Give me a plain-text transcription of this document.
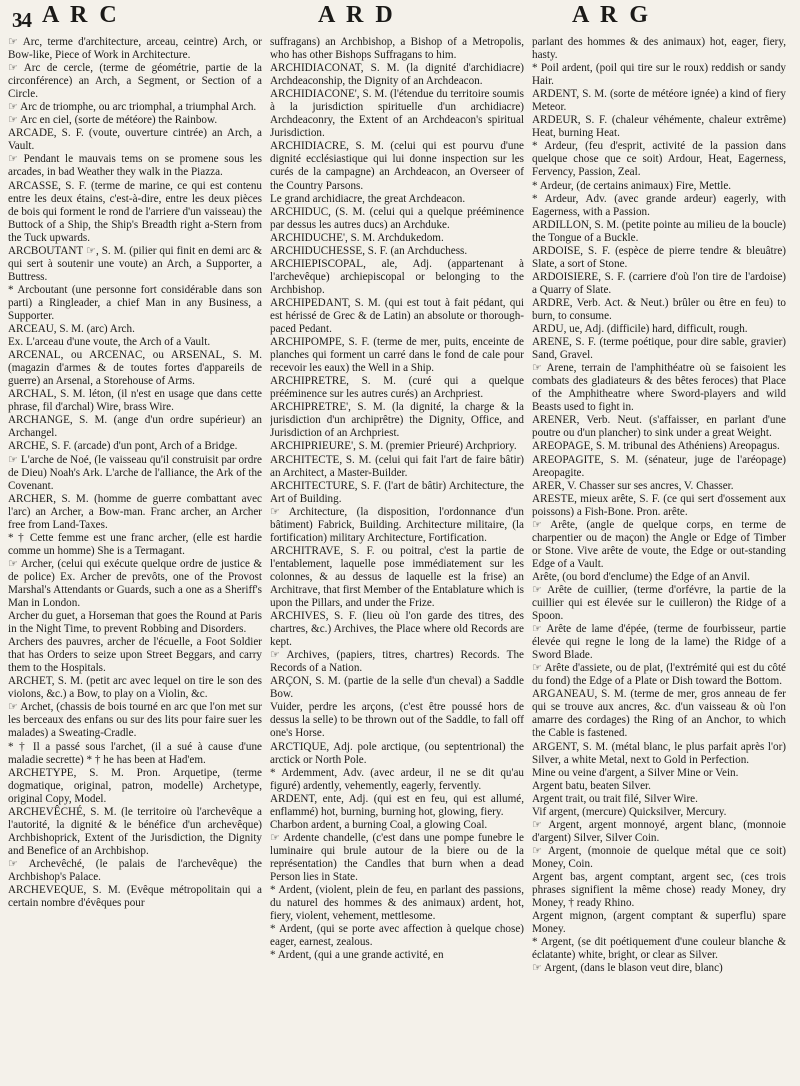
34 A R C	A R D	A R G

☞ Arc, terme d'architecture, arceau, ceintre) Arch, or Bow-like, Piece of Work in Architecture.

☞ Arc de cercle, (terme de géométrie, partie de la circonférence) an Arch, a Segment, or Section of a Circle.

☞ Arc de triomphe, ou arc triomphal, a triumphal Arch.

☞ Arc en ciel, (sorte de météore) the Rainbow.

ARCADE, S. F. (voute, ouverture cintrée) an Arch, a Vault.

☞ Pendant le mauvais tems on se promene sous les arcades, in bad Weather they walk in the Piazza.

ARCASSE, S. F. (terme de marine, ce qui est contenu entre les deux étains, c'est-à-dire, entre les deux pièces de bois qui forment le rond de l'arriere d'un vaisseau) the Buttock of a Ship, the Ship's Breadth right a-Stern from the Tuck upwards.

ARCBOUTANT ☞, S. M. (pilier qui finit en demi arc & qui sert à soutenir une voute) an Arch, a Supporter, a Buttress.

* Arcboutant (une personne fort considérable dans son parti) a Ringleader, a chief Man in any Business, a Supporter.

ARCEAU, S. M. (arc) Arch.

Ex. L'arceau d'une voute, the Arch of a Vault.

ARCENAL, ou ARCENAC, ou ARSENAL, S. M. (magazin d'armes & de toutes fortes d'appareils de guerre) an Arsenal, a Storehouse of Arms.

ARCHAL, S. M. léton, (il n'est en usage que dans cette phrase, fil d'archal) Wire, brass Wire.

ARCHANGE, S. M. (ange d'un ordre supérieur) an Archangel.

ARCHE, S. F. (arcade) d'un pont, Arch of a Bridge.

☞ L'arche de Noé, (le vaisseau qu'il construisit par ordre de Dieu) Noah's Ark. L'arche de l'alliance, the Ark of the Covenant.

ARCHER, S. M. (homme de guerre combattant avec l'arc) an Archer, a Bow-man. Franc archer, an Archer free from Land-Taxes.

* † Cette femme est une franc archer, (elle est hardie comme un homme) She is a Termagant.

☞ Archer, (celui qui exécute quelque ordre de justice & de police) Ex. Archer de prevôts, one of the Provost Marshal's Attendants or Guards, such a one as a Sheriff's Man in London.

Archer du guet, a Horseman that goes the Round at Paris in the Night Time, to prevent Robbing and Disorders.

Archers des pauvres, archer de l'écuelle, a Foot Soldier that has Orders to seize upon Street Beggars, and carry them to the Hospitals.

ARCHET, S. M. (petit arc avec lequel on tire le son des violons, &c.) a Bow, to play on a Violin, &c.

☞ Archet, (chassis de bois tourné en arc que l'on met sur les berceaux des enfans ou sur des lits pour faire suer les malades) a Sweating-Cradle.

* † Il a passé sous l'archet, (il a sué à cause d'une maladie secrette) * † he has been at Had'em.

ARCHETYPE, S. M. Pron. Arquetipe, (terme dogmatique, original, patron, modelle) Archetype, original Copy, Model.

ARCHEVÊCHÉ, S. M. (le territoire où l'archevêque a l'autorité, la dignité & le bénéfice d'un archevêque) Archbishoprick, Extent of the Jurisdiction, the Dignity and Benefice of an Archbishop.

☞ Archevêché, (le palais de l'archevêque) the Archbishop's Palace.

ARCHEVEQUE, S. M. (Evêque métropolitain qui a certain nombre d'évêques pour

suffragans) an Archbishop, a Bishop of a Metropolis, who has other Bishops Suffragans to him.

ARCHIDIACONAT, S. M. (la dignité d'archidiacre) Archdeaconship, the Dignity of an Archdeacon.

ARCHIDIACONE', S. M. (l'étendue du territoire soumis à la jurisdiction spirituelle d'un archidiacre) Archdeaconry, the Extent of an Archdeacon's spiritual Jurisdiction.

ARCHIDIACRE, S. M. (celui qui est pourvu d'une dignité ecclésiastique qui lui donne inspection sur les curés de la campagne) an Archdeacon, an Overseer of the Country Parsons.

Le grand archidiacre, the great Archdeacon.

ARCHIDUC, (S. M. (celui qui a quelque prééminence par dessus les autres ducs) an Archduke.

ARCHIDUCHE', S. M. Archdukedom.

ARCHIDUCHESSE, S. F. (an Archduchess.

ARCHIEPISCOPAL, ale, Adj. (appartenant à l'archevêque) archiepiscopal or belonging to the Archbishop.

ARCHIPEDANT, S. M. (qui est tout à fait pédant, qui est hérissé de Grec & de Latin) an absolute or thorough-paced Pedant.

ARCHIPOMPE, S. F. (terme de mer, puits, enceinte de planches qui forment un carré dans le fond de cale pour recevoir les eaux) the Well in a Ship.

ARCHIPRETRE, S. M. (curé qui a quelque prééminence sur les autres curés) an Archpriest.

ARCHIPRETRE', S. M. (la dignité, la charge & la jurisdiction d'un archiprêtre) the Dignity, Office, and Jurisdiction of an Archpriest.

ARCHIPRIEURE', S. M. (premier Prieuré) Archpriory.

ARCHITECTE, S. M. (celui qui fait l'art de faire bâtir) an Architect, a Master-Builder.

ARCHITECTURE, S. F. (l'art de bâtir) Architecture, the Art of Building.

☞ Architecture, (la disposition, l'ordonnance d'un bâtiment) Fabrick, Building. Architecture militaire, (la fortification) military Architecture, Fortification.

ARCHITRAVE, S. F. ou poitral, c'est la partie de l'entablement, laquelle pose immédiatement sur les colonnes, & au dessus de laquelle est la frise) an Architrave, that first Member of the Entablature which is upon the Pillars, and under the Frize.

ARCHIVES, S. F. (lieu où l'on garde des titres, des chartres, &c.) Archives, the Place where old Records are kept.

☞ Archives, (papiers, titres, chartres) Records. The Records of a Nation.

ARÇON, S. M. (partie de la selle d'un cheval) a Saddle Bow.

Vuider, perdre les arçons, (c'est être poussé hors de dessus la selle) to be thrown out of the Saddle, to fall off one's Horse.

ARCTIQUE, Adj. pole arctique, (ou septentrional) the arctick or North Pole.

* Ardemment, Adv. (avec ardeur, il ne se dit qu'au figuré) ardently, vehemently, eagerly, fervently.

ARDENT, ente, Adj. (qui est en feu, qui est allumé, enflammé) hot, burning, burning hot, glowing, fiery.

Charbon ardent, a burning Coal, a glowing Coal.

☞ Ardente chandelle, (c'est dans une pompe funebre le luminaire qui brule autour de la biere ou de la représentation) the Candles that burn when a dead Person lies in State.

* Ardent, (violent, plein de feu, en parlant des passions, du naturel des hommes & des animaux) ardent, hot, fiery, violent, vehement, mettlesome.

* Ardent, (qui se porte avec affection à quelque chose) eager, earnest, zealous.

* Ardent, (qui a une grande activité, en

parlant des hommes & des animaux) hot, eager, fiery, hasty.

* Poil ardent, (poil qui tire sur le roux) reddish or sandy Hair.

ARDENT, S. M. (sorte de météore ignée) a kind of fiery Meteor.

ARDEUR, S. F. (chaleur véhémente, chaleur extrême) Heat, burning Heat.

* Ardeur, (feu d'esprit, activité de la passion dans quelque chose que ce soit) Ardour, Heat, Eagerness, Fervency, Passion, Zeal.

* Ardeur, (de certains animaux) Fire, Mettle.

* Ardeur, Adv. (avec grande ardeur) eagerly, with Eagerness, with a Passion.

ARDILLON, S. M. (petite pointe au milieu de la boucle) the Tongue of a Buckle.

ARDOISE, S. F. (espèce de pierre tendre & bleuâtre) Slate, a sort of Stone.

ARDOISIERE, S. F. (carriere d'où l'on tire de l'ardoise) a Quarry of Slate.

ARDRE, Verb. Act. & Neut.) brûler ou être en feu) to burn, to consume.

ARDU, ue, Adj. (difficile) hard, difficult, rough.

ARENE, S. F. (terme poétique, pour dire sable, gravier) Sand, Gravel.

☞ Arene, terrain de l'amphithéatre où se faisoient les combats des gladiateurs & des bêtes feroces) that Place of the Amphitheatre where Sword-players and wild Beasts used to fight in.

ARENER, Verb. Neut. (s'affaisser, en parlant d'une poutre ou d'un plancher) to sink under a great Weight.

AREOPAGE, S. M. tribunal des Athéniens) Areopagus.

AREOPAGITE, S. M. (sénateur, juge de l'aréopage) Areopagite.

ARER, V. Chasser sur ses ancres, V. Chasser.

ARESTE, mieux arête, S. F. (ce qui sert d'ossement aux poissons) a Fish-Bone. Pron. arête.

☞ Arête, (angle de quelque corps, en terme de charpentier ou de maçon) the Angle or Edge of Timber or Stone. Vive arête de voute, the Edge or out-standing Edge of a Vault.

Arête, (ou bord d'enclume) the Edge of an Anvil.

☞ Arête de cuillier, (terme d'orfévre, la partie de la cuillier qui est élevée sur le cuilleron) the Ridge of a Spoon.

☞ Arête de lame d'épée, (terme de fourbisseur, partie élevée qui regne le long de la lame) the Ridge of a Sword Blade.

☞ Arête d'assiete, ou de plat, (l'extrémité qui est du côté du fond) the Edge of a Plate or Dish toward the Bottom.

ARGANEAU, S. M. (terme de mer, gros anneau de fer qui se trouve aux ancres, &c. d'un vaisseau & où l'on amarre des cordages) the Ring of an Anchor, to which the Cable is fastened.

ARGENT, S. M. (métal blanc, le plus parfait après l'or) Silver, a white Metal, next to Gold in Perfection.

Mine ou veine d'argent, a Silver Mine or Vein.

Argent batu, beaten Silver.

Argent trait, ou trait filé, Silver Wire.

Vif argent, (mercure) Quicksilver, Mercury.

☞ Argent, argent monnoyé, argent blanc, (monnoie d'argent) Silver, Silver Coin.

☞ Argent, (monnoie de quelque métal que ce soit) Money, Coin.

Argent bas, argent comptant, argent sec, (ces trois phrases signifient la même chose) ready Money, dry Money, † ready Rhino.

Argent mignon, (argent comptant & superflu) spare Money.

* Argent, (se dit poétiquement d'une couleur blanche & éclatante) white, bright, or clear as Silver.

☞ Argent, (dans le blason veut dire, blanc)
